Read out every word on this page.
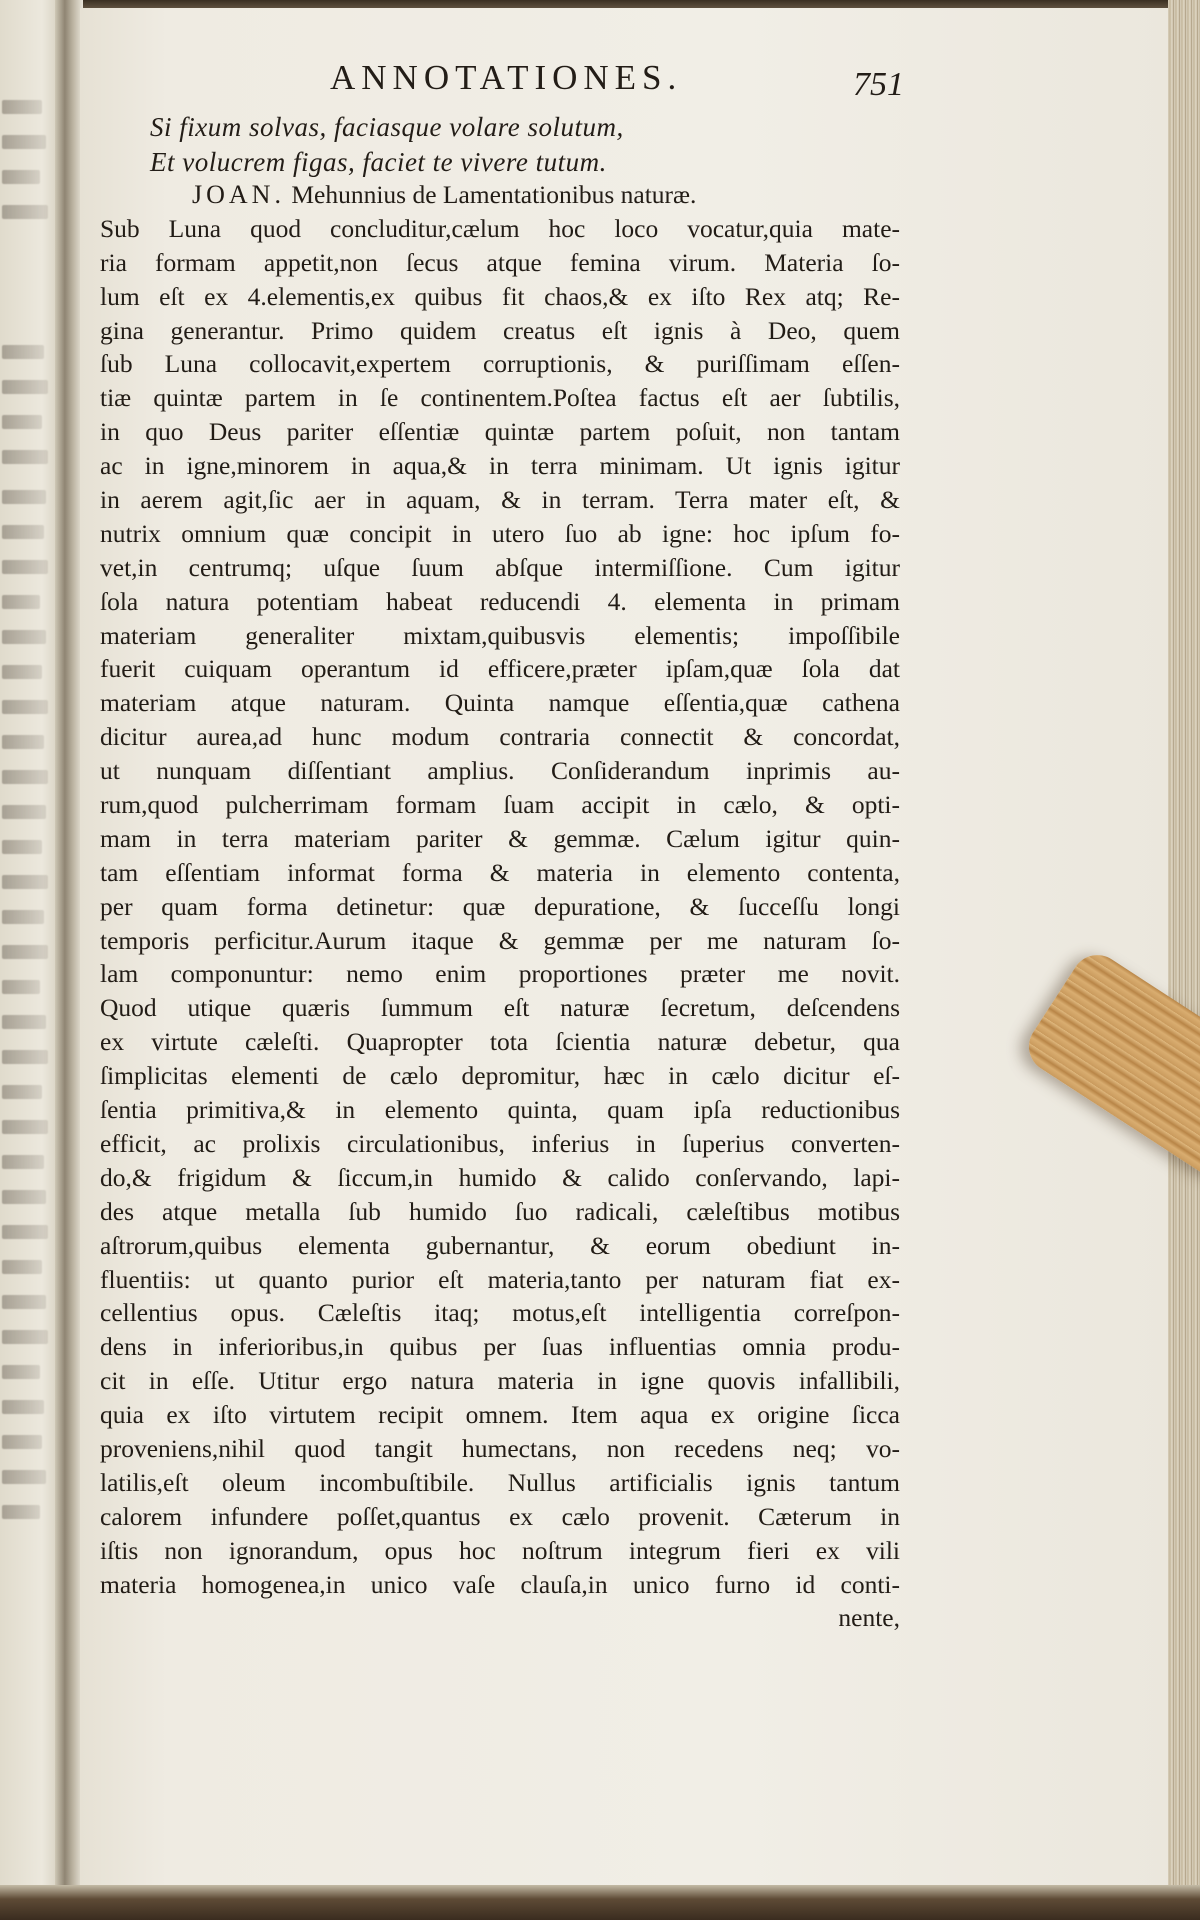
ANNOTATIONES.	751
Si fixum solvas, faciasque volare solutum,
Et volucrem figas, faciet te vivere tutum.
JOAN. Mehunnius de Lamentationibus naturæ.
Sub Luna quod concluditur,cælum hoc loco vocatur,quia mate-
ria formam appetit,non ſecus atque femina virum. Materia ſo-
lum eſt ex 4.elementis,ex quibus fit chaos,& ex iſto Rex atq; Re-
gina generantur. Primo quidem creatus eſt ignis à Deo, quem
ſub Luna collocavit,expertem corruptionis, & puriſſimam eſſen-
tiæ quintæ partem in ſe continentem.Poſtea factus eſt aer ſubtilis,
in quo Deus pariter eſſentiæ quintæ partem poſuit, non tantam
ac in igne,minorem in aqua,& in terra minimam. Ut ignis igitur
in aerem agit,ſic aer in aquam, & in terram. Terra mater eſt, &
nutrix omnium quæ concipit in utero ſuo ab igne: hoc ipſum fo-
vet,in centrumq; uſque ſuum abſque intermiſſione. Cum igitur
ſola natura potentiam habeat reducendi 4. elementa in primam
materiam generaliter mixtam,quibusvis elementis; impoſſibile
fuerit cuiquam operantum id efficere,præter ipſam,quæ ſola dat
materiam atque naturam. Quinta namque eſſentia,quæ cathena
dicitur aurea,ad hunc modum contraria connectit & concordat,
ut nunquam diſſentiant amplius. Conſiderandum inprimis au-
rum,quod pulcherrimam formam ſuam accipit in cælo, & opti-
mam in terra materiam pariter & gemmæ. Cælum igitur quin-
tam eſſentiam informat forma & materia in elemento contenta,
per quam forma detinetur: quæ depuratione, & ſucceſſu longi
temporis perficitur.Aurum itaque & gemmæ per me naturam ſo-
lam componuntur: nemo enim proportiones præter me novit.
Quod utique quæris ſummum eſt naturæ ſecretum, deſcendens
ex virtute cæleſti. Quapropter tota ſcientia naturæ debetur, qua
ſimplicitas elementi de cælo depromitur, hæc in cælo dicitur eſ-
ſentia primitiva,& in elemento quinta, quam ipſa reductionibus
efficit, ac prolixis circulationibus, inferius in ſuperius converten-
do,& frigidum & ſiccum,in humido & calido conſervando, lapi-
des atque metalla ſub humido ſuo radicali, cæleſtibus motibus
aſtrorum,quibus elementa gubernantur, & eorum obediunt in-
fluentiis: ut quanto purior eſt materia,tanto per naturam fiat ex-
cellentius opus. Cæleſtis itaq; motus,eſt intelligentia correſpon-
dens in inferioribus,in quibus per ſuas influentias omnia produ-
cit in eſſe. Utitur ergo natura materia in igne quovis infallibili,
quia ex iſto virtutem recipit omnem. Item aqua ex origine ſicca
proveniens,nihil quod tangit humectans, non recedens neq; vo-
latilis,eſt oleum incombuſtibile. Nullus artificialis ignis tantum
calorem infundere poſſet,quantus ex cælo provenit. Cæterum in
iſtis non ignorandum, opus hoc noſtrum integrum fieri ex vili
materia homogenea,in unico vaſe clauſa,in unico furno id conti-
nente,
